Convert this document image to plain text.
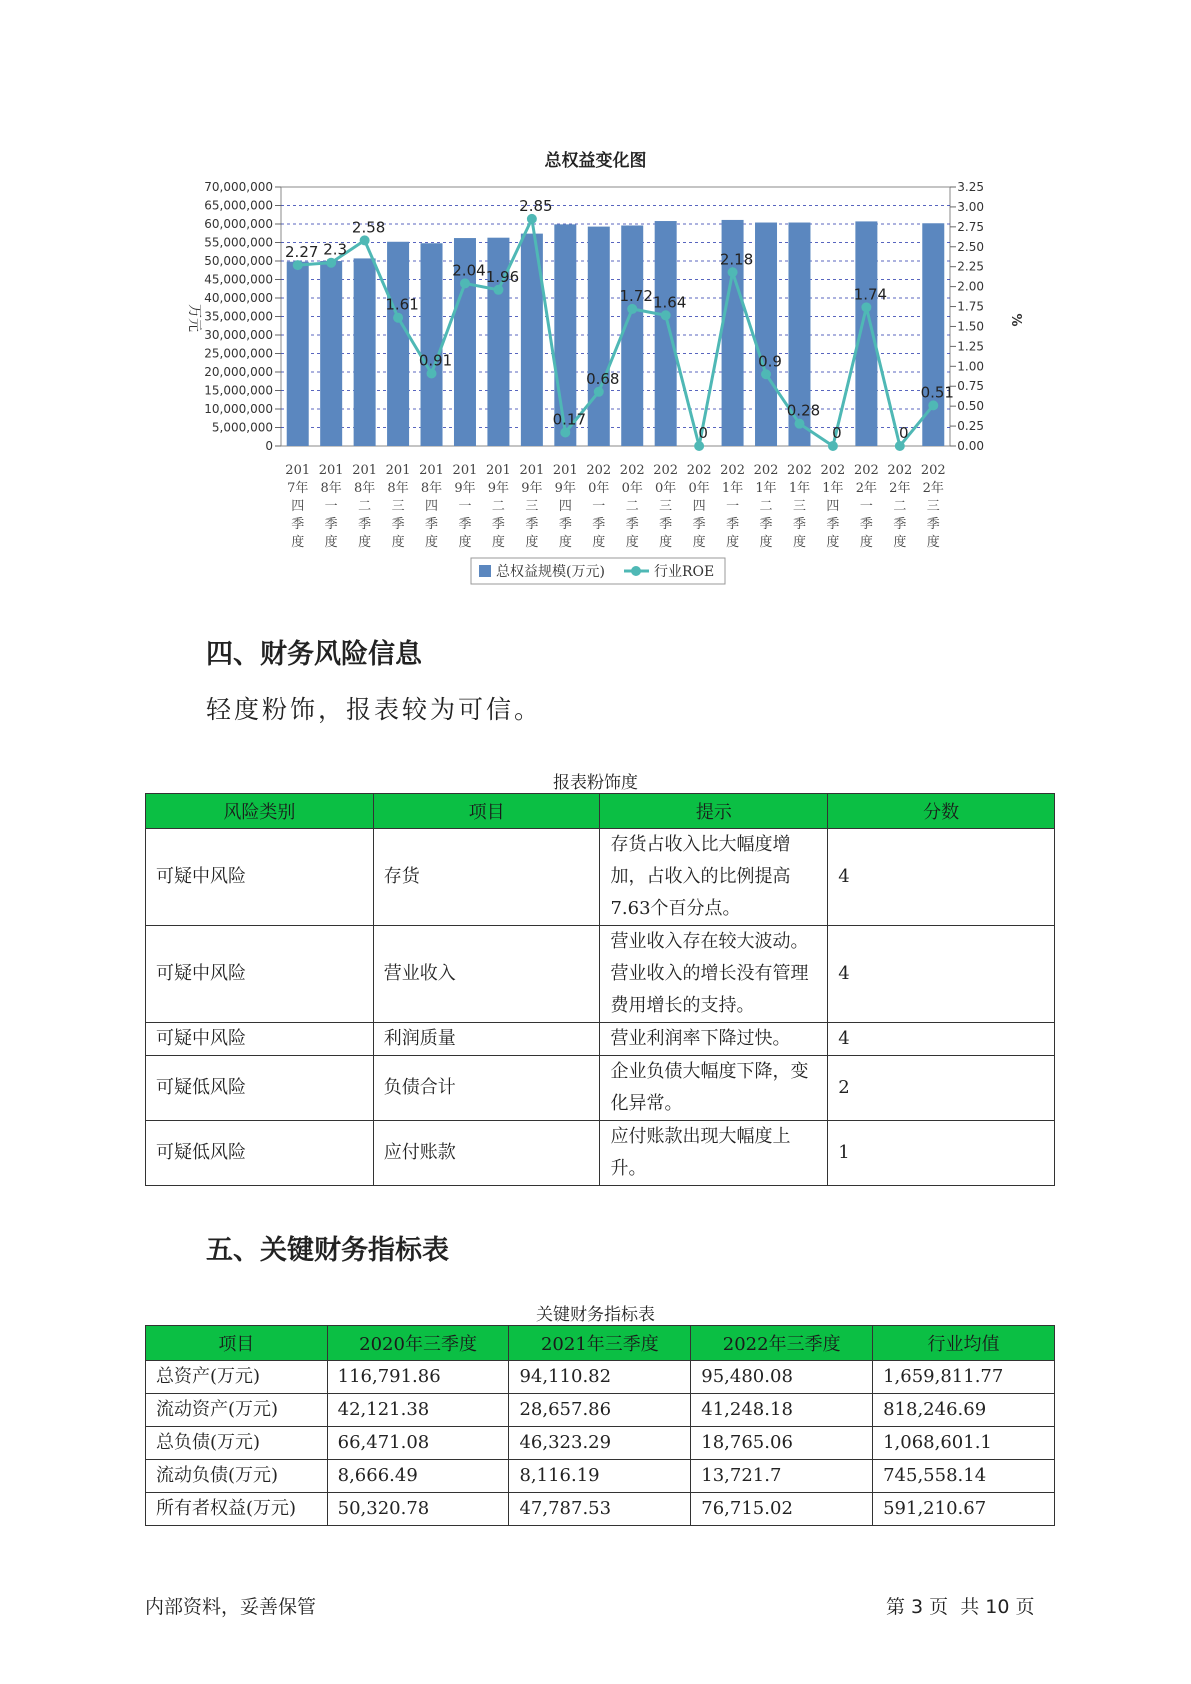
总权益变化图
70,000,000
65,000,000
60,000,000
55,000,000
50,000,000
45,000,000
40,000,000
35,000,000
30,000,000
25,000,000
20,000,000
15,000,000
10,000,000
5,000,000
0
3.25
3.00
2.75
2.50
2.25
2.00
1.75
1.50
1.25
1.00
0.75
0.50
0.25
0.00
万元	%
2.27 2.3
2.58
1.61
0.91
2.04 1.96
2.85
0.17
0.68
1.72 1.64
0
2.18
0.9
0.28
0
1.74
0
0.51
201 7年四季度
201 8年一季度
201 8年二季度
201 8年三季度
201 8年四季度
201 9年一季度
201 9年二季度
201 9年三季度
201 9年四季度
202 0年一季度
202 0年二季度
202 0年三季度
202 0年四季度
202 1年一季度
202 1年二季度
202 1年三季度
202 1年四季度
202 2年一季度
202 2年二季度
202 2年三季度
总权益规模(万元)	行业ROE
四、财务风险信息
轻度粉饰，报表较为可信。
报表粉饰度
风险类别	项目	提示	分数
可疑中风险	存货	存货占收入比大幅度增加，占收入的比例提高7.63个百分点。	4
可疑中风险	营业收入	营业收入存在较大波动。营业收入的增长没有管理费用增长的支持。	4
可疑中风险	利润质量	营业利润率下降过快。	4
可疑低风险	负债合计	企业负债大幅度下降，变化异常。	2
可疑低风险	应付账款	应付账款出现大幅度上升。	1
五、关键财务指标表
关键财务指标表
项目	2020年三季度	2021年三季度	2022年三季度	行业均值
总资产(万元)	116,791.86	94,110.82	95,480.08	1,659,811.77
流动资产(万元)	42,121.38	28,657.86	41,248.18	818,246.69
总负债(万元)	66,471.08	46,323.29	18,765.06	1,068,601.1
流动负债(万元)	8,666.49	8,116.19	13,721.7	745,558.14
所有者权益(万元)	50,320.78	47,787.53	76,715.02	591,210.67
内部资料，妥善保管	第 3 页  共 10 页
